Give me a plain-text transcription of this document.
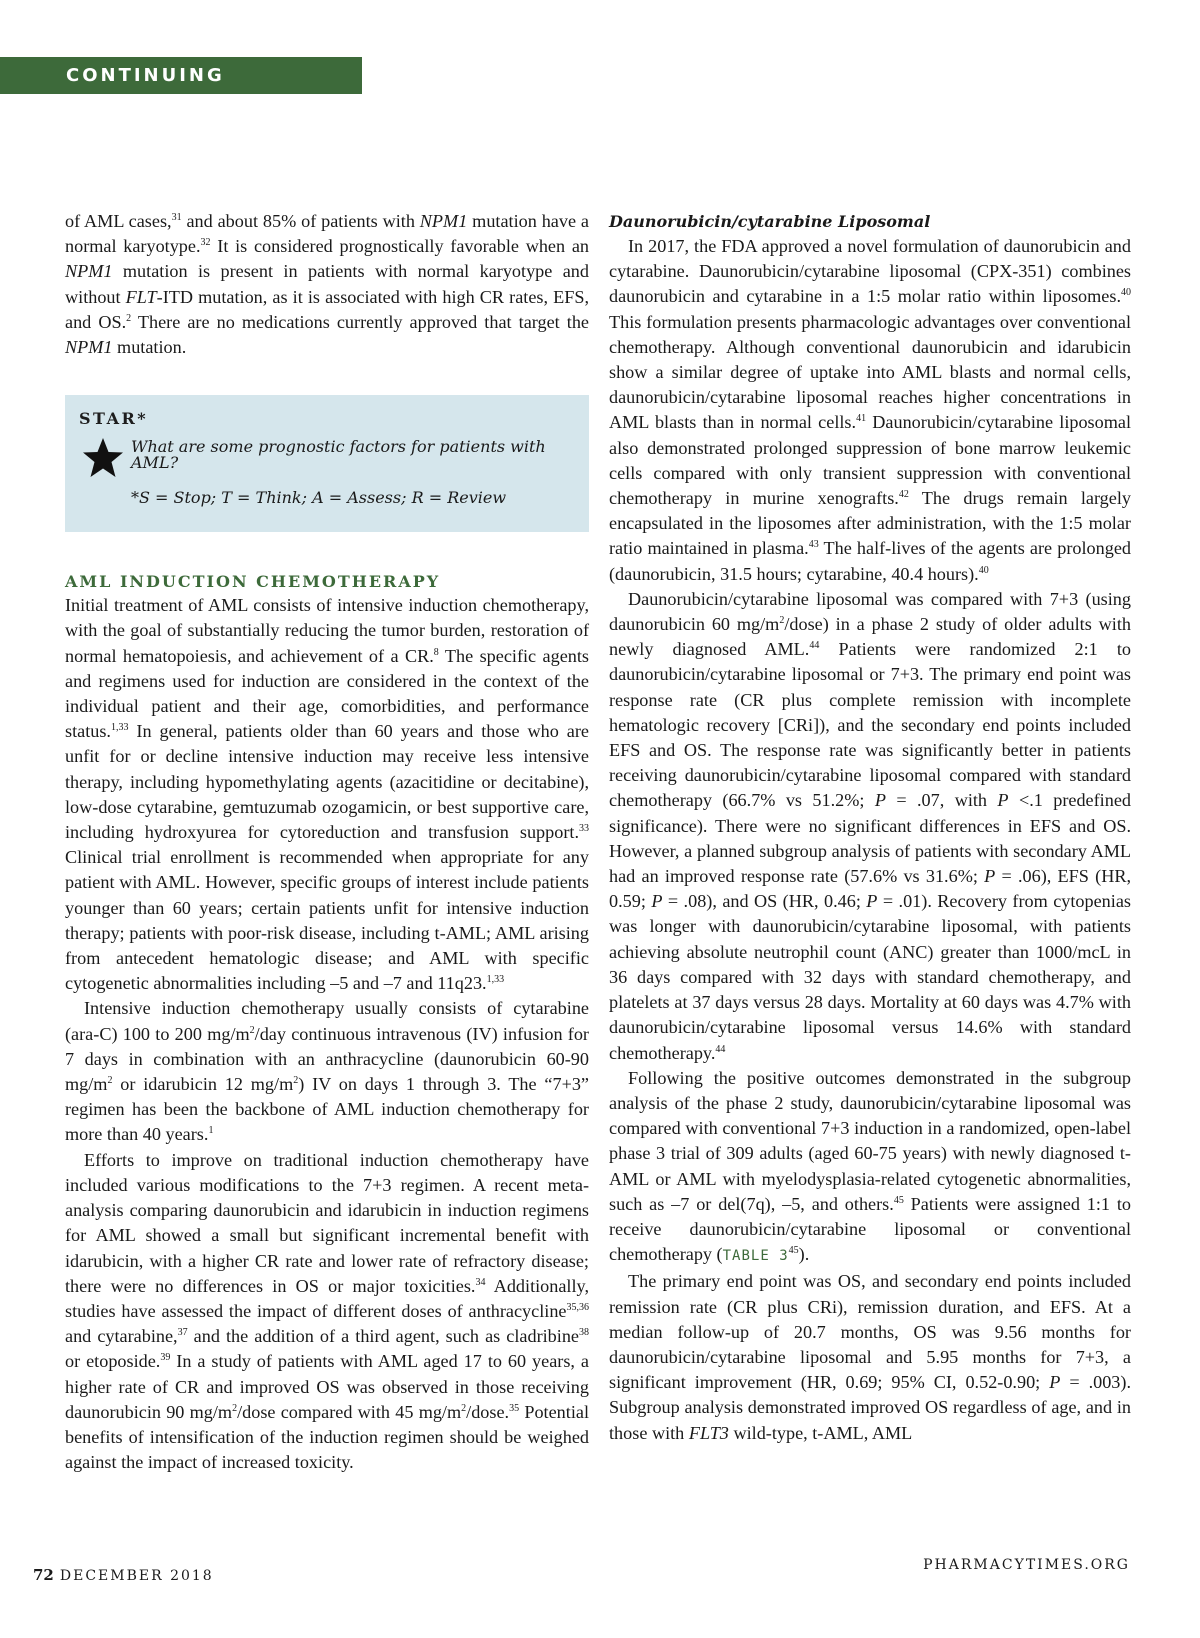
CONTINUING EDUCATION

of AML cases,$^{31}$ and about 85% of patients with NPM1 mutation have a normal karyotype.$^{32}$ It is considered prognostically favorable when an NPM1 mutation is present in patients with normal karyotype and without FLT-ITD mutation, as it is associated with high CR rates, EFS, and OS.$^2$ There are no medications currently approved that target the NPM1 mutation.

STAR*
What are some prognostic factors for patients with AML?
*S = Stop; T = Think; A = Assess; R = Review
AML INDUCTION CHEMOTHERAPY

Initial treatment of AML consists of intensive induction chemotherapy, with the goal of substantially reducing the tumor burden, restoration of normal hematopoiesis, and achievement of a CR.$^8$ The specific agents and regimens used for induction are considered in the context of the individual patient and their age, comorbidities, and performance status.$^{1,33}$ In general, patients older than 60 years and those who are unfit for or decline intensive induction may receive less intensive therapy, including hypomethylating agents (azacitidine or decitabine), low-dose cytarabine, gemtuzumab ozogamicin, or best supportive care, including hydroxyurea for cytoreduction and transfusion support.$^{33}$ Clinical trial enrollment is recommended when appropriate for any patient with AML. However, specific groups of interest include patients younger than 60 years; certain patients unfit for intensive induction therapy; patients with poor-risk disease, including t-AML; AML arising from antecedent hematologic disease; and AML with specific cytogenetic abnormalities including –5 and –7 and 11q23.$^{1,33}$

Intensive induction chemotherapy usually consists of cytarabine (ara-C) 100 to 200 $mg/m^2$/day continuous intravenous (IV) infusion for 7 days in combination with an anthracycline (daunorubicin 60-90 $mg/m^2$ or idarubicin 12 $mg/m^2$) IV on days 1 through 3. The “7+3” regimen has been the backbone of AML induction chemotherapy for more than 40 years.$^1$

Efforts to improve on traditional induction chemotherapy have included various modifications to the 7+3 regimen. A recent meta-analysis comparing daunorubicin and idarubicin in induction regimens for AML showed a small but significant incremental benefit with idarubicin, with a higher CR rate and lower rate of refractory disease; there were no differences in OS or major toxicities.$^{34}$ Additionally, studies have assessed the impact of different doses of anthracycline$^{35,36}$ and cytarabine,$^{37}$ and the addition of a third agent, such as cladribine$^{38}$ or etoposide.$^{39}$ In a study of patients with AML aged 17 to 60 years, a higher rate of CR and improved OS was observed in those receiving daunorubicin 90 $mg/m^2$/dose compared with 45 $mg/m^2/dose.^{35}$ Potential benefits of intensification of the induction regimen should be weighed against the impact of increased toxicity.

Daunorubicin/cytarabine Liposomal

In 2017, the FDA approved a novel formulation of daunorubicin and cytarabine. Daunorubicin/cytarabine liposomal (CPX-351) combines daunorubicin and cytarabine in a 1:5 molar ratio within liposomes.$^{40}$ This formulation presents pharmacologic advantages over conventional chemotherapy. Although conventional daunorubicin and idarubicin show a similar degree of uptake into AML blasts and normal cells, daunorubicin/cytarabine liposomal reaches higher concentrations in AML blasts than in normal cells.$^{41}$ Daunorubicin/cytarabine liposomal also demonstrated prolonged suppression of bone marrow leukemic cells compared with only transient suppression with conventional chemotherapy in murine xenografts.$^{42}$ The drugs remain largely encapsulated in the liposomes after administration, with the 1:5 molar ratio maintained in plasma.$^{43}$ The half-lives of the agents are prolonged (daunorubicin, 31.5 hours; cytarabine, 40.4 hours).$^{40}$

Daunorubicin/cytarabine liposomal was compared with 7+3 (using daunorubicin 60 $mg/m^2/dose$) in a phase 2 study of older adults with newly diagnosed AML.$^{44}$ Patients were randomized 2:1 to daunorubicin/cytarabine liposomal or 7+3. The primary end point was response rate (CR plus complete remission with incomplete hematologic recovery [CRi]), and the secondary end points included EFS and OS. The response rate was significantly better in patients receiving daunorubicin/cytarabine liposomal compared with standard chemotherapy (66.7% vs 51.2%; P = .07, with P <.1 predefined significance). There were no significant differences in EFS and OS. However, a planned subgroup analysis of patients with secondary AML had an improved response rate (57.6% vs 31.6%; P = .06), EFS (HR, 0.59; P = .08), and OS (HR, 0.46; P = .01). Recovery from cytopenias was longer with daunorubicin/cytarabine liposomal, with patients achieving absolute neutrophil count (ANC) greater than 1000/mcL in 36 days compared with 32 days with standard chemotherapy, and platelets at 37 days versus 28 days. Mortality at 60 days was 4.7% with daunorubicin/cytarabine liposomal versus 14.6% with standard chemotherapy.$^{44}$

Following the positive outcomes demonstrated in the subgroup analysis of the phase 2 study, daunorubicin/cytarabine liposomal was compared with conventional 7+3 induction in a randomized, open-label phase 3 trial of 309 adults (aged 60-75 years) with newly diagnosed t-AML or AML with myelodysplasia-related cytogenetic abnormalities, such as –7 or del(7q), –5, and others.$^{45}$ Patients were assigned 1:1 to receive daunorubicin/cytarabine liposomal or conventional chemotherapy (TABLE $3^{45}$).

The primary end point was OS, and secondary end points included remission rate (CR plus CRi), remission duration, and EFS. At a median follow-up of 20.7 months, OS was 9.56 months for daunorubicin/cytarabine liposomal and 5.95 months for 7+3, a significant improvement (HR, 0.69; 95% CI, 0.52-0.90; P = .003). Subgroup analysis demonstrated improved OS regardless of age, and in those with FLT3 wild-type, t-AML, AML

72 DECEMBER 2018
PHARMACYTIMES.ORG
